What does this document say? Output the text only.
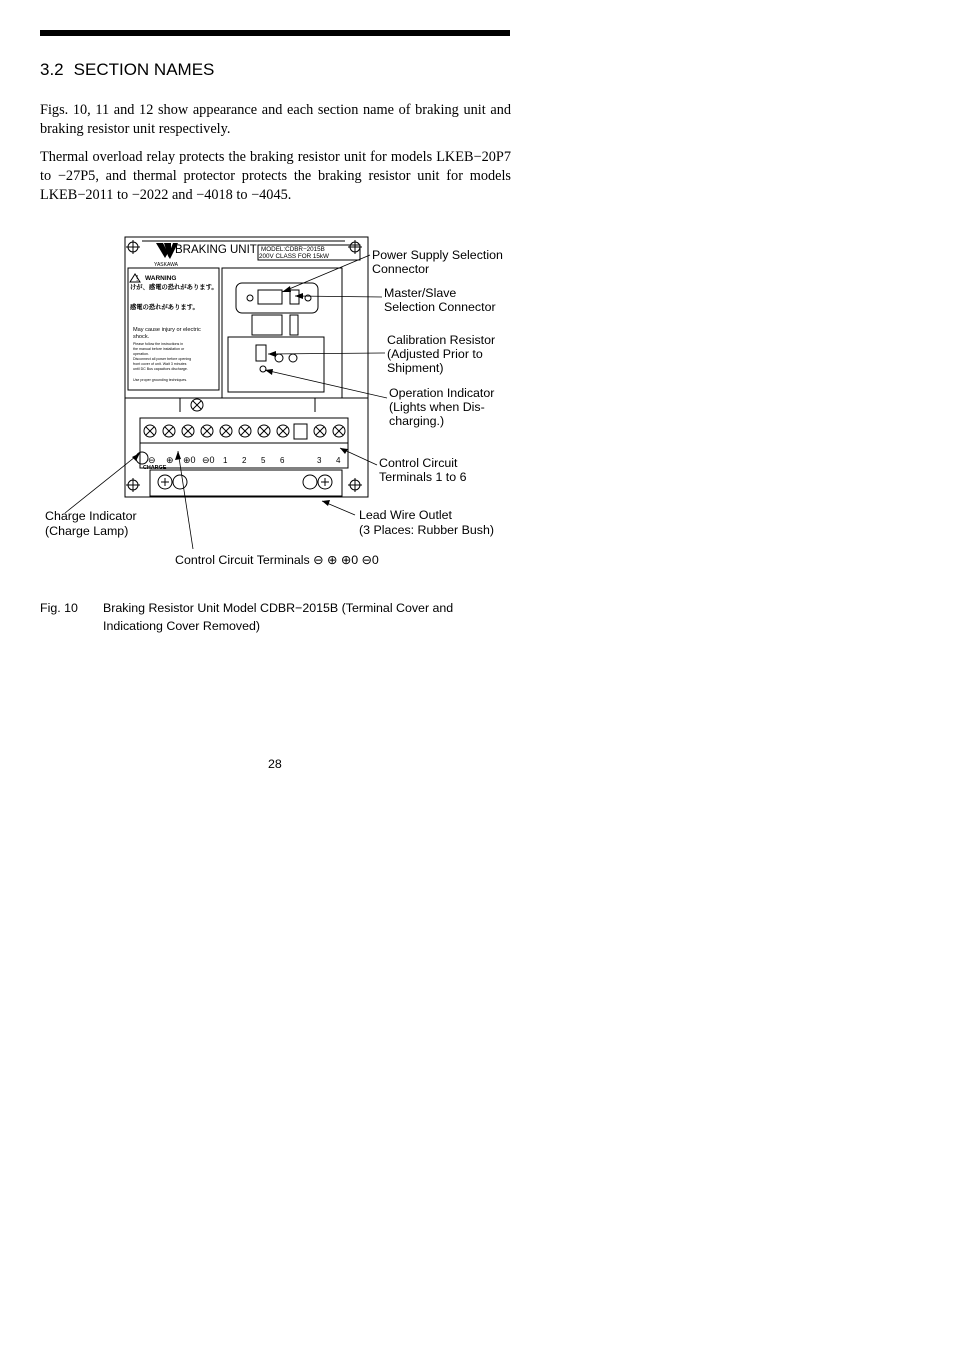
3.2 SECTION NAMES
Figs. 10, 11 and 12 show appearance and each section name of braking unit and braking resistor unit respectively.
Thermal overload relay protects the braking resistor unit for models LKEB−20P7 to −27P5, and thermal protector protects the braking resistor unit for models LKEB−2011 to −2022 and −4018 to −4045.
!
BRAKING UNIT
YASKAWA
MODEL:CDBR−2015B
200V CLASS FOR 15kW
WARNING
けが、感電の恐れがあります。
感電の恐れがあります。
May cause injury or electric
shock.
Please follow the instructions in
the manual before installation or
operation.
Disconnect all power before opening
front cover of unit. Wait 3 minutes
until DC Bus capacitors discharge.
Use proper grounding techniques.
CHARGE
⊖ ⊕ ⊕0 ⊖0 1 2 5 6	3 4
Power Supply Selection
Connector
Master/Slave
Selection Connector
Calibration Resistor
(Adjusted Prior to
Shipment)
Operation Indicator
(Lights when Dis-
charging.)
Control Circuit
Terminals 1 to 6
Lead Wire Outlet
(3 Places: Rubber Bush)
Charge Indicator
(Charge Lamp)
Control Circuit Terminals ⊖ ⊕ ⊕0 ⊖0
Fig. 10	Braking Resistor Unit Model CDBR−2015B (Terminal Cover and Indicationg Cover Removed)
28
